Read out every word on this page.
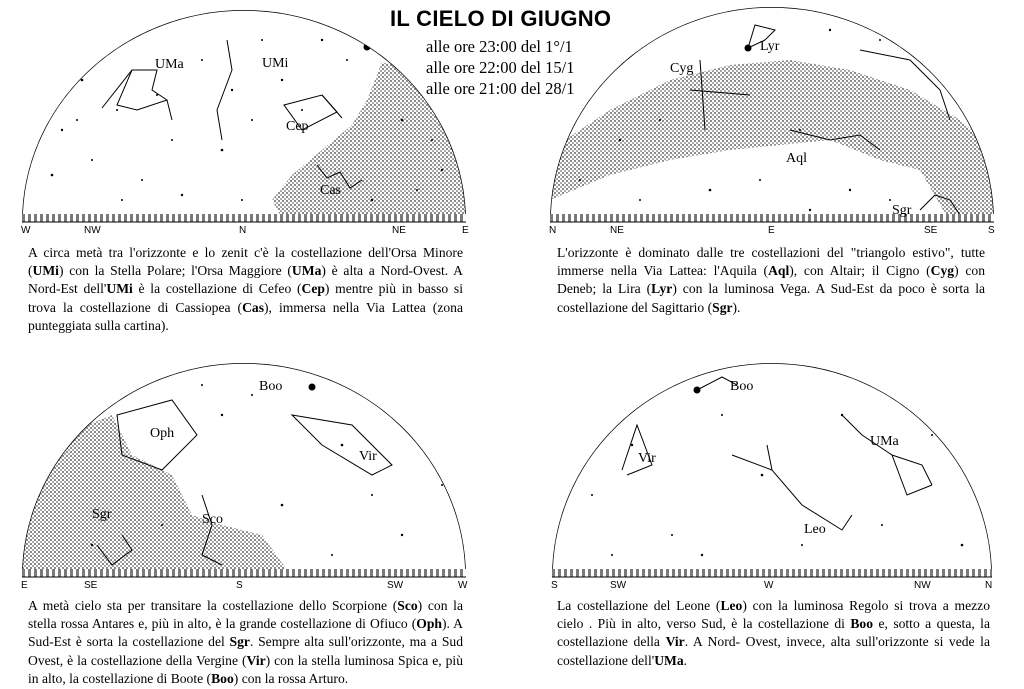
IL CIELO DI GIUGNO
alle ore 23:00 del 1°/1
alle ore 22:00 del 15/1
alle ore 21:00 del 28/1
UMa	UMi
Cep
Cas
W	NW	N	NE	E
Lyr
Cyg
Aql
Sgr
N	NE	E	SE	S
Boo
Oph
Vir
Sgr	Sco
E	SE	S	SW	W
Boo
Vir
UMa
Leo
S	SW	W	NW	N
A circa metà tra l'orizzonte e lo zenit c'è la costellazione dell'Orsa Minore (UMi) con la Stella Polare; l'Orsa Maggiore (UMa) è alta a Nord-Ovest. A Nord-Est dell'UMi è la costellazione di Cefeo (Cep) mentre più in basso si trova la costellazione di Cassiopea (Cas), immersa nella Via Lattea (zona punteggiata sulla cartina).
L'orizzonte è dominato dalle tre costellazioni del "triangolo estivo", tutte immerse nella Via Lattea: l'Aquila (Aql), con Altair; il Cigno (Cyg) con Deneb; la Lira (Lyr) con la luminosa Vega. A Sud-Est da poco è sorta la costellazione del Sagittario (Sgr).
A metà cielo sta per transitare la costellazione dello Scorpione (Sco) con la stella rossa Antares e, più in alto, è la grande costellazione di Ofiuco (Oph). A Sud-Est è sorta la costellazione del Sgr. Sempre alta sull'orizzonte, ma a Sud Ovest, è la costellazione della Vergine (Vir) con la stella luminosa Spica e, più in alto, la costellazione di Boote (Boo) con la rossa Arturo.
La costellazione del Leone (Leo) con la luminosa Regolo si trova a mezzo cielo . Più in alto, verso Sud, è la costellazione di Boo e, sotto a questa, la costellazione della Vir. A Nord- Ovest, invece, alta sull'orizzonte si vede la costellazione dell'UMa.
